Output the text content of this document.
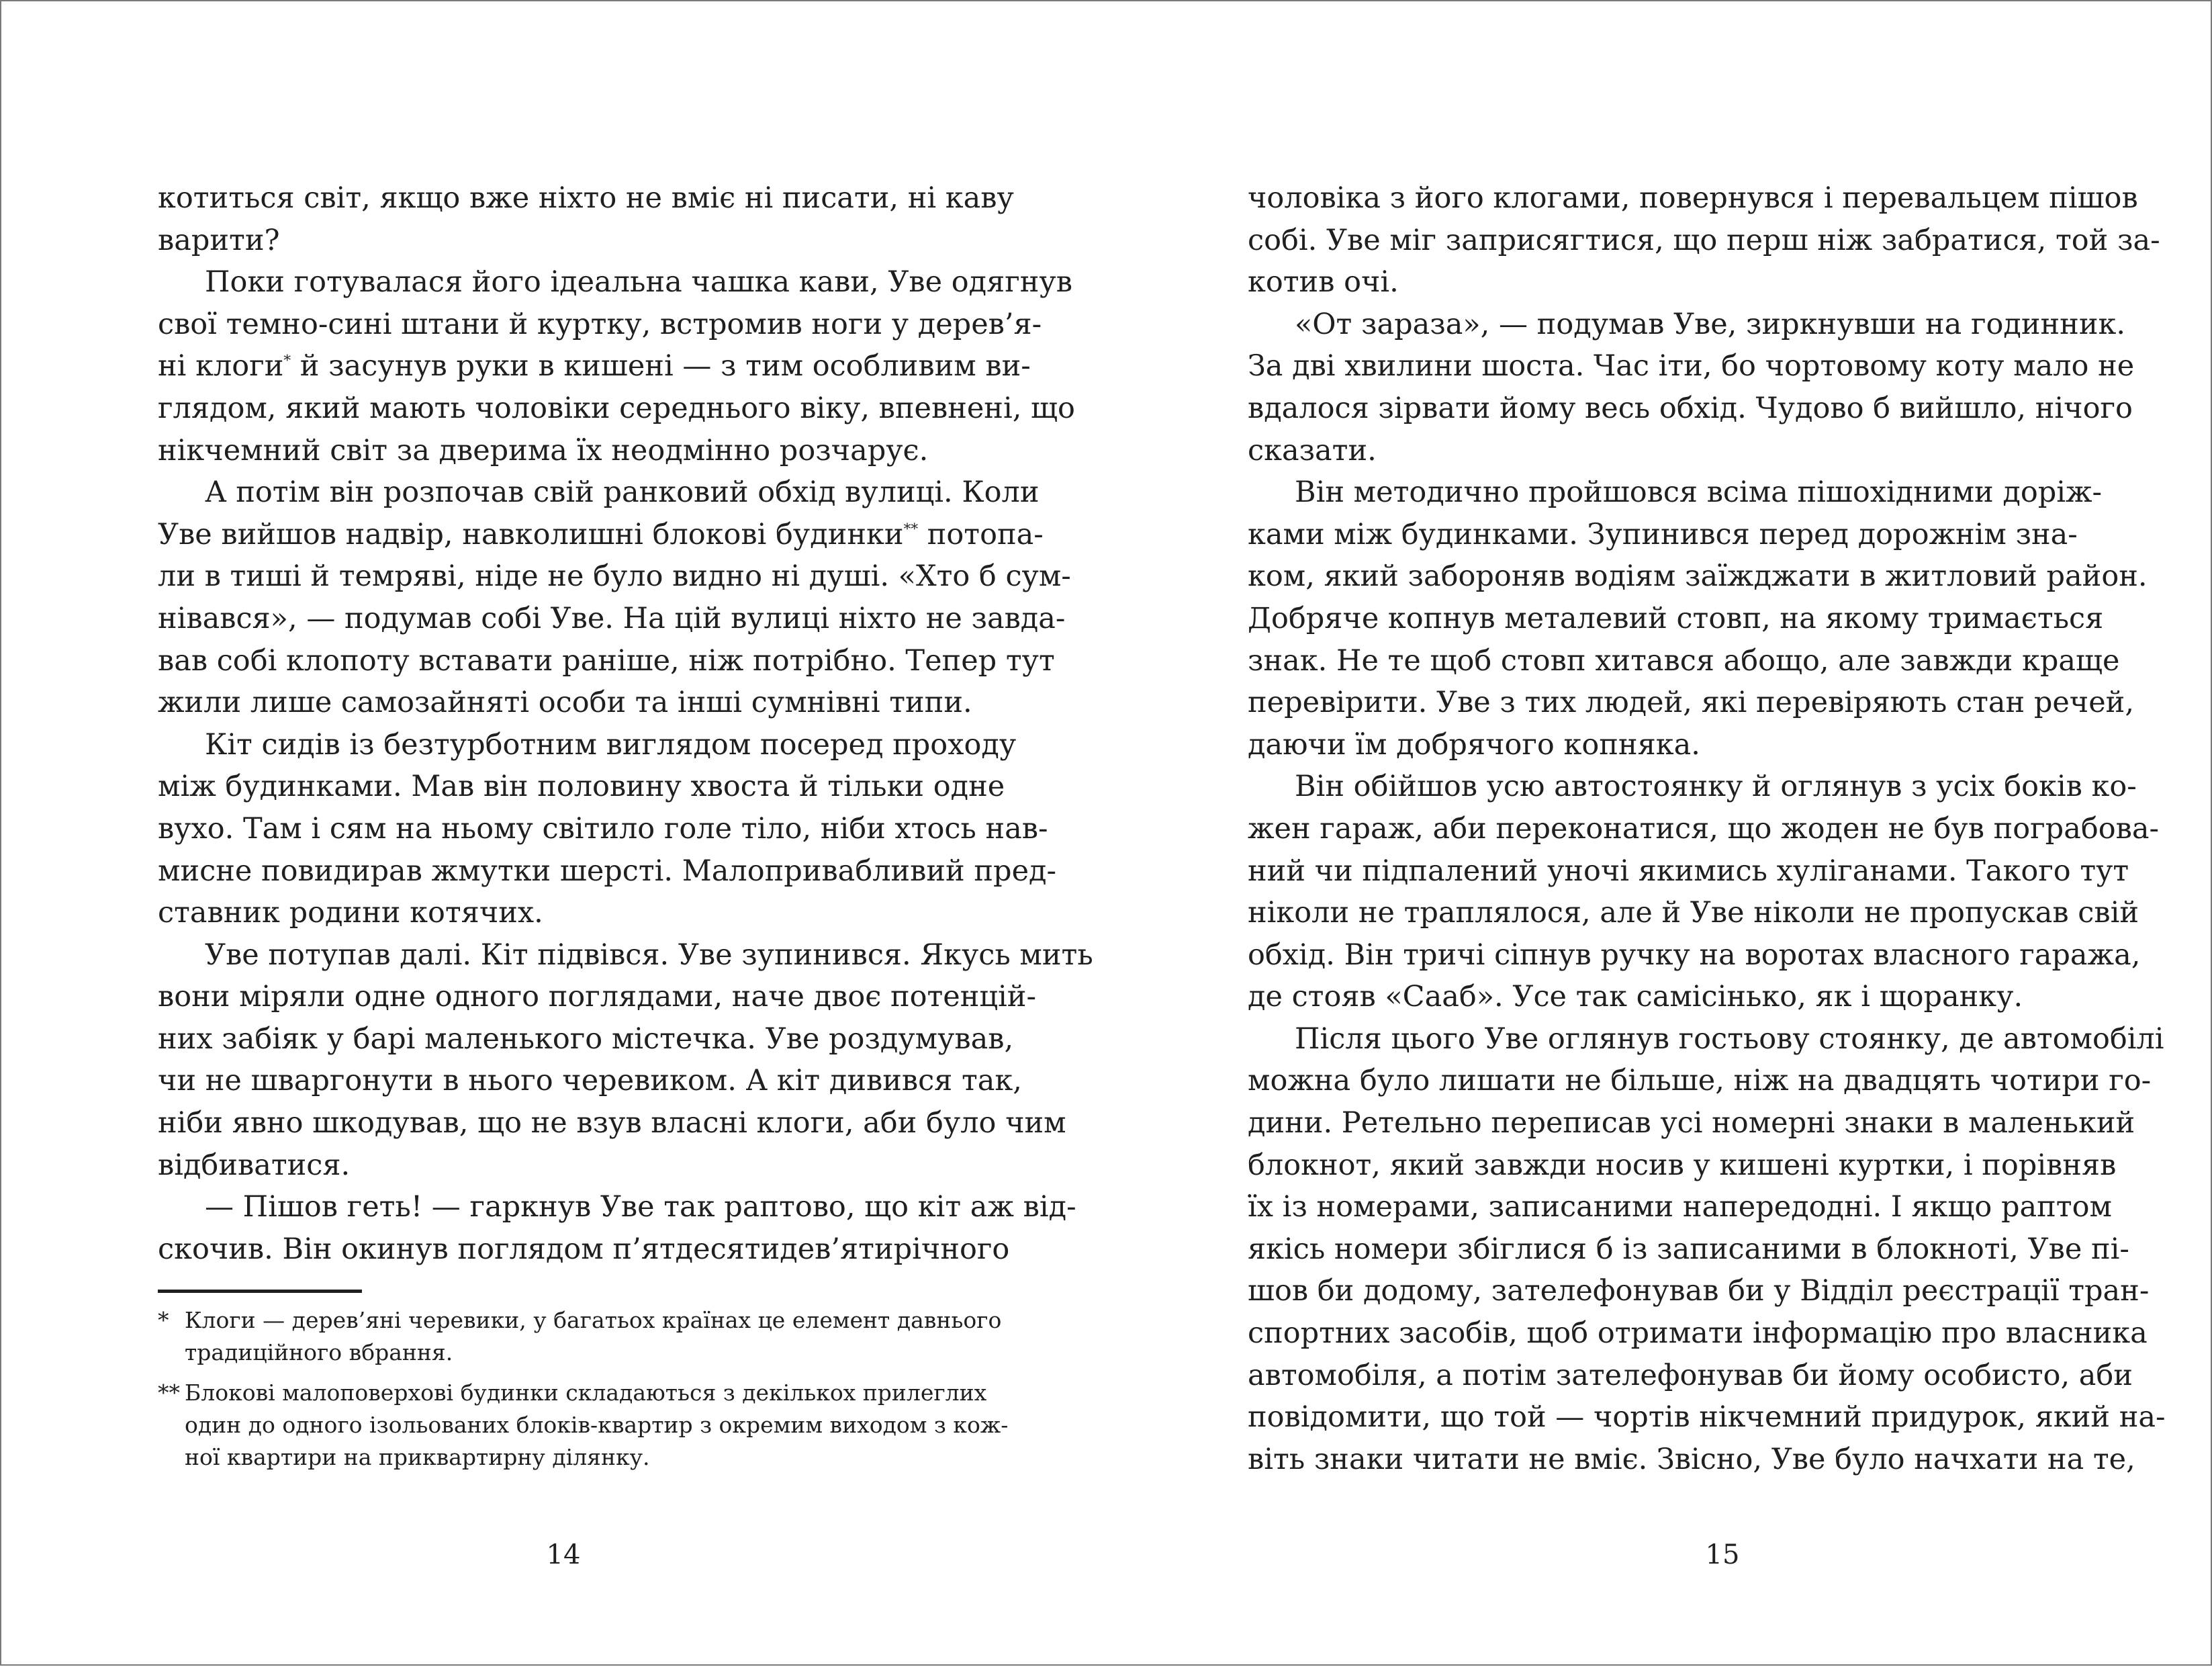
котиться світ, якщо вже ніхто не вміє ні писати, ні каву
варити?

Поки готувалася його ідеальна чашка кави, Уве одягнув
свої темно-сині штани й куртку, встромив ноги у дерев’я-
ні клоги* й засунув руки в кишені — з тим особливим ви-
глядом, який мають чоловіки середнього віку, впевнені, що
нікчемний світ за дверима їх неодмінно розчарує.

А потім він розпочав свій ранковий обхід вулиці. Коли
Уве вийшов надвір, навколишні блокові будинки** потопа-
ли в тиші й темряві, ніде не було видно ні душі. «Хто б сум-
нівався», — подумав собі Уве. На цій вулиці ніхто не завда-
вав собі клопоту вставати раніше, ніж потрібно. Тепер тут
жили лише самозайняті особи та інші сумнівні типи.

Кіт сидів із безтурботним виглядом посеред проходу
між будинками. Мав він половину хвоста й тільки одне
вухо. Там і сям на ньому світило голе тіло, ніби хтось нав-
мисне повидирав жмутки шерсті. Малопривабливий пред-
ставник родини котячих.

Уве потупав далі. Кіт підвівся. Уве зупинився. Якусь мить
вони міряли одне одного поглядами, наче двоє потенцій-
них забіяк у барі маленького містечка. Уве роздумував,
чи не шваргонути в нього черевиком. А кіт дивився так,
ніби явно шкодував, що не взув власні клоги, аби було чим
відбиватися.

— Пішов геть! — гаркнув Уве так раптово, що кіт аж від-
скочив. Він окинув поглядом п’ятдесятидев’ятирічного

* Клоги — дерев’яні черевики, у багатьох країнах це елемент давнього
традиційного вбрання.
** Блокові малоповерхові будинки складаються з декількох прилеглих
один до одного ізольованих блоків-квартир з окремим виходом з кож-
ної квартири на приквартирну ділянку.
14

чоловіка з його клогами, повернувся і перевальцем пішов
собі. Уве міг заприсягтися, що перш ніж забратися, той за-
котив очі.

«От зараза», — подумав Уве, зиркнувши на годинник.
За дві хвилини шоста. Час іти, бо чортовому коту мало не
вдалося зірвати йому весь обхід. Чудово б вийшло, нічого
сказати.

Він методично пройшовся всіма пішохідними доріж-
ками між будинками. Зупинився перед дорожнім зна-
ком, який забороняв водіям заїжджати в житловий район.
Добряче копнув металевий стовп, на якому тримається
знак. Не те щоб стовп хитався абощо, але завжди краще
перевірити. Уве з тих людей, які перевіряють стан речей,
даючи їм добрячого копняка.

Він обійшов усю автостоянку й оглянув з усіх боків ко-
жен гараж, аби переконатися, що жоден не був пограбова-
ний чи підпалений уночі якимись хуліганами. Такого тут
ніколи не траплялося, але й Уве ніколи не пропускав свій
обхід. Він тричі сіпнув ручку на воротах власного гаража,
де стояв «Сааб». Усе так самісінько, як і щоранку.

Після цього Уве оглянув гостьову стоянку, де автомобілі
можна було лишати не більше, ніж на двадцять чотири го-
дини. Ретельно переписав усі номерні знаки в маленький
блокнот, який завжди носив у кишені куртки, і порівняв
їх із номерами, записаними напередодні. І якщо раптом
якісь номери збіглися б із записаними в блокноті, Уве пі-
шов би додому, зателефонував би у Відділ реєстрації тран-
спортних засобів, щоб отримати інформацію про власника
автомобіля, а потім зателефонував би йому особисто, аби
повідомити, що той — чортів нікчемний придурок, який на-
віть знаки читати не вміє. Звісно, Уве було начхати на те,

15
